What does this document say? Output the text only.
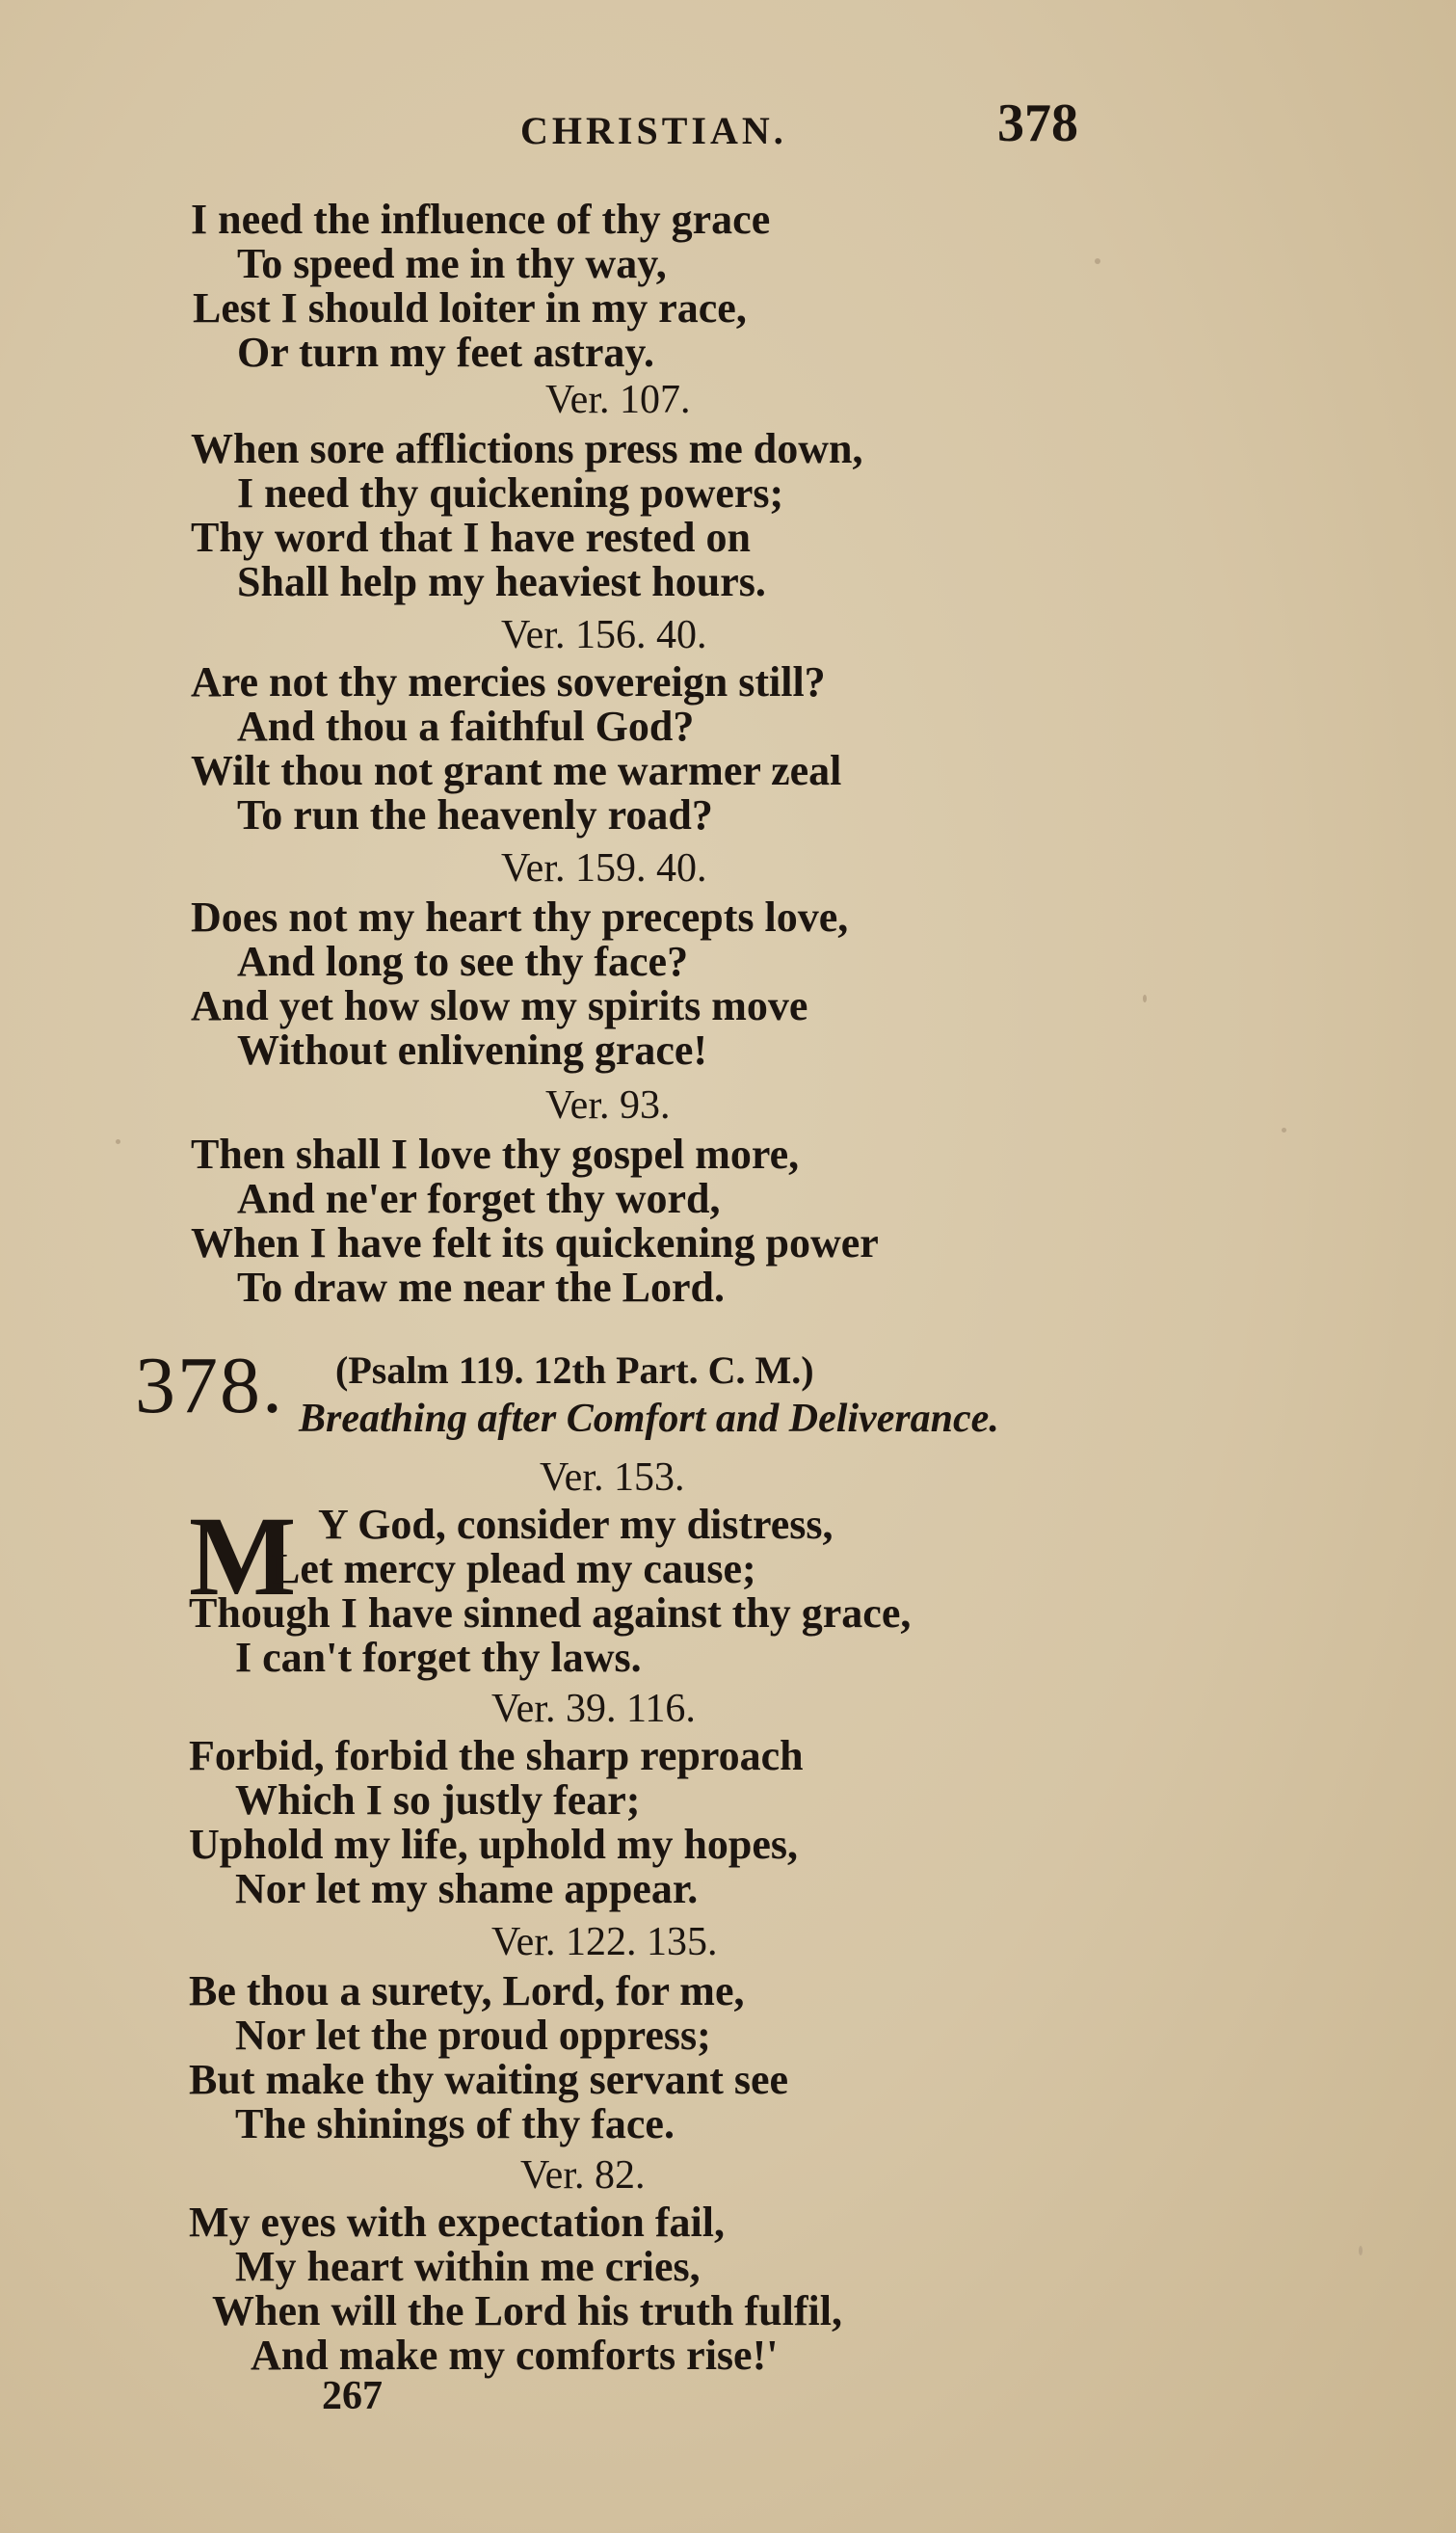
CHRISTIAN.	378
I need the influence of thy grace
To speed me in thy way,
Lest I should loiter in my race,
Or turn my feet astray.
Ver. 107.
When sore afflictions press me down,
I need thy quickening powers;
Thy word that I have rested on
Shall help my heaviest hours.
Ver. 156. 40.
Are not thy mercies sovereign still?
And thou a faithful God?
Wilt thou not grant me warmer zeal
To run the heavenly road?
Ver. 159. 40.
Does not my heart thy precepts love,
And long to see thy face?
And yet how slow my spirits move
Without enlivening grace!
Ver. 93.
Then shall I love thy gospel more,
And ne'er forget thy word,
When I have felt its quickening power
To draw me near the Lord.
378. (Psalm 119. 12th Part. C. M.)
Breathing after Comfort and Deliverance.
Ver. 153.
M Y God, consider my distress,
Let mercy plead my cause;
Though I have sinned against thy grace,
I can't forget thy laws.
Ver. 39. 116.
Forbid, forbid the sharp reproach
Which I so justly fear;
Uphold my life, uphold my hopes,
Nor let my shame appear.
Ver. 122. 135.
Be thou a surety, Lord, for me,
Nor let the proud oppress;
But make thy waiting servant see
The shinings of thy face.
Ver. 82.
My eyes with expectation fail,
My heart within me cries,
When will the Lord his truth fulfil,
And make my comforts rise!'
267
